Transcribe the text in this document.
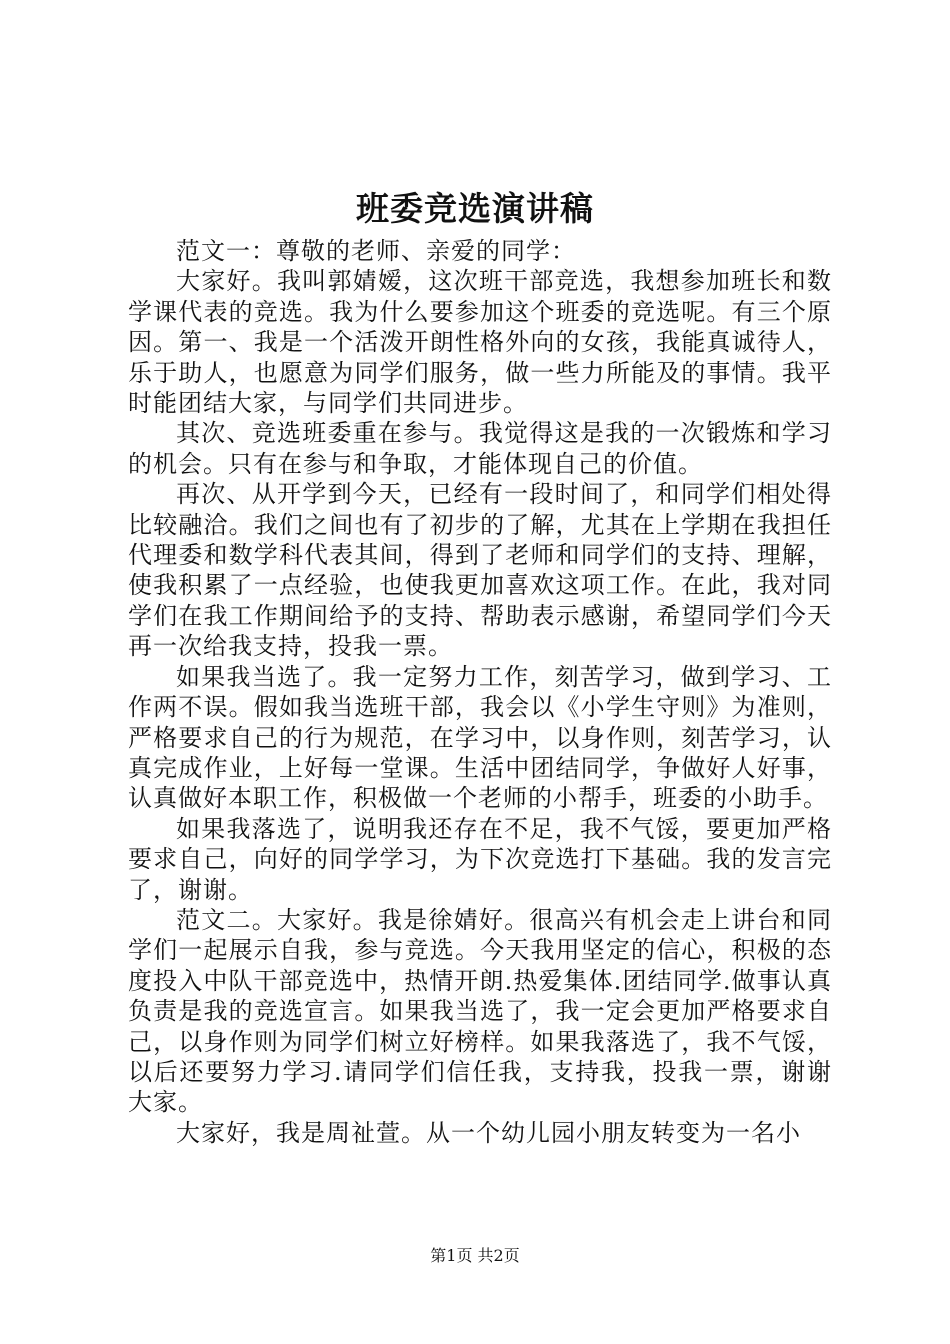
班委竞选演讲稿

范文一：尊敬的老师、亲爱的同学：

大家好。我叫郭婧嫒，这次班干部竞选，我想参加班长和数学课代表的竞选。我为什么要参加这个班委的竞选呢。有三个原因。第一、我是一个活泼开朗性格外向的女孩，我能真诚待人，乐于助人，也愿意为同学们服务，做一些力所能及的事情。我平时能团结大家，与同学们共同进步。

其次、竞选班委重在参与。我觉得这是我的一次锻炼和学习的机会。只有在参与和争取，才能体现自己的价值。

再次、从开学到今天，已经有一段时间了，和同学们相处得比较融洽。我们之间也有了初步的了解，尤其在上学期在我担任代理委和数学科代表其间，得到了老师和同学们的支持、理解，使我积累了一点经验，也使我更加喜欢这项工作。在此，我对同学们在我工作期间给予的支持、帮助表示感谢，希望同学们今天再一次给我支持，投我一票。

如果我当选了。我一定努力工作，刻苦学习，做到学习、工作两不误。假如我当选班干部，我会以《小学生守则》为准则，严格要求自己的行为规范，在学习中，以身作则，刻苦学习，认真完成作业，上好每一堂课。生活中团结同学，争做好人好事，认真做好本职工作，积极做一个老师的小帮手，班委的小助手。

如果我落选了，说明我还存在不足，我不气馁，要更加严格要求自己，向好的同学学习，为下次竞选打下基础。我的发言完了，谢谢。

范文二。大家好。我是徐婧好。很高兴有机会走上讲台和同学们一起展示自我，参与竞选。今天我用坚定的信心，积极的态度投入中队干部竞选中，热情开朗.热爱集体.团结同学.做事认真负责是我的竞选宣言。如果我当选了，我一定会更加严格要求自己，以身作则为同学们树立好榜样。如果我落选了，我不气馁，以后还要努力学习.请同学们信任我，支持我，投我一票，谢谢大家。

大家好，我是周祉萱。从一个幼儿园小朋友转变为一名小

第1页 共2页
